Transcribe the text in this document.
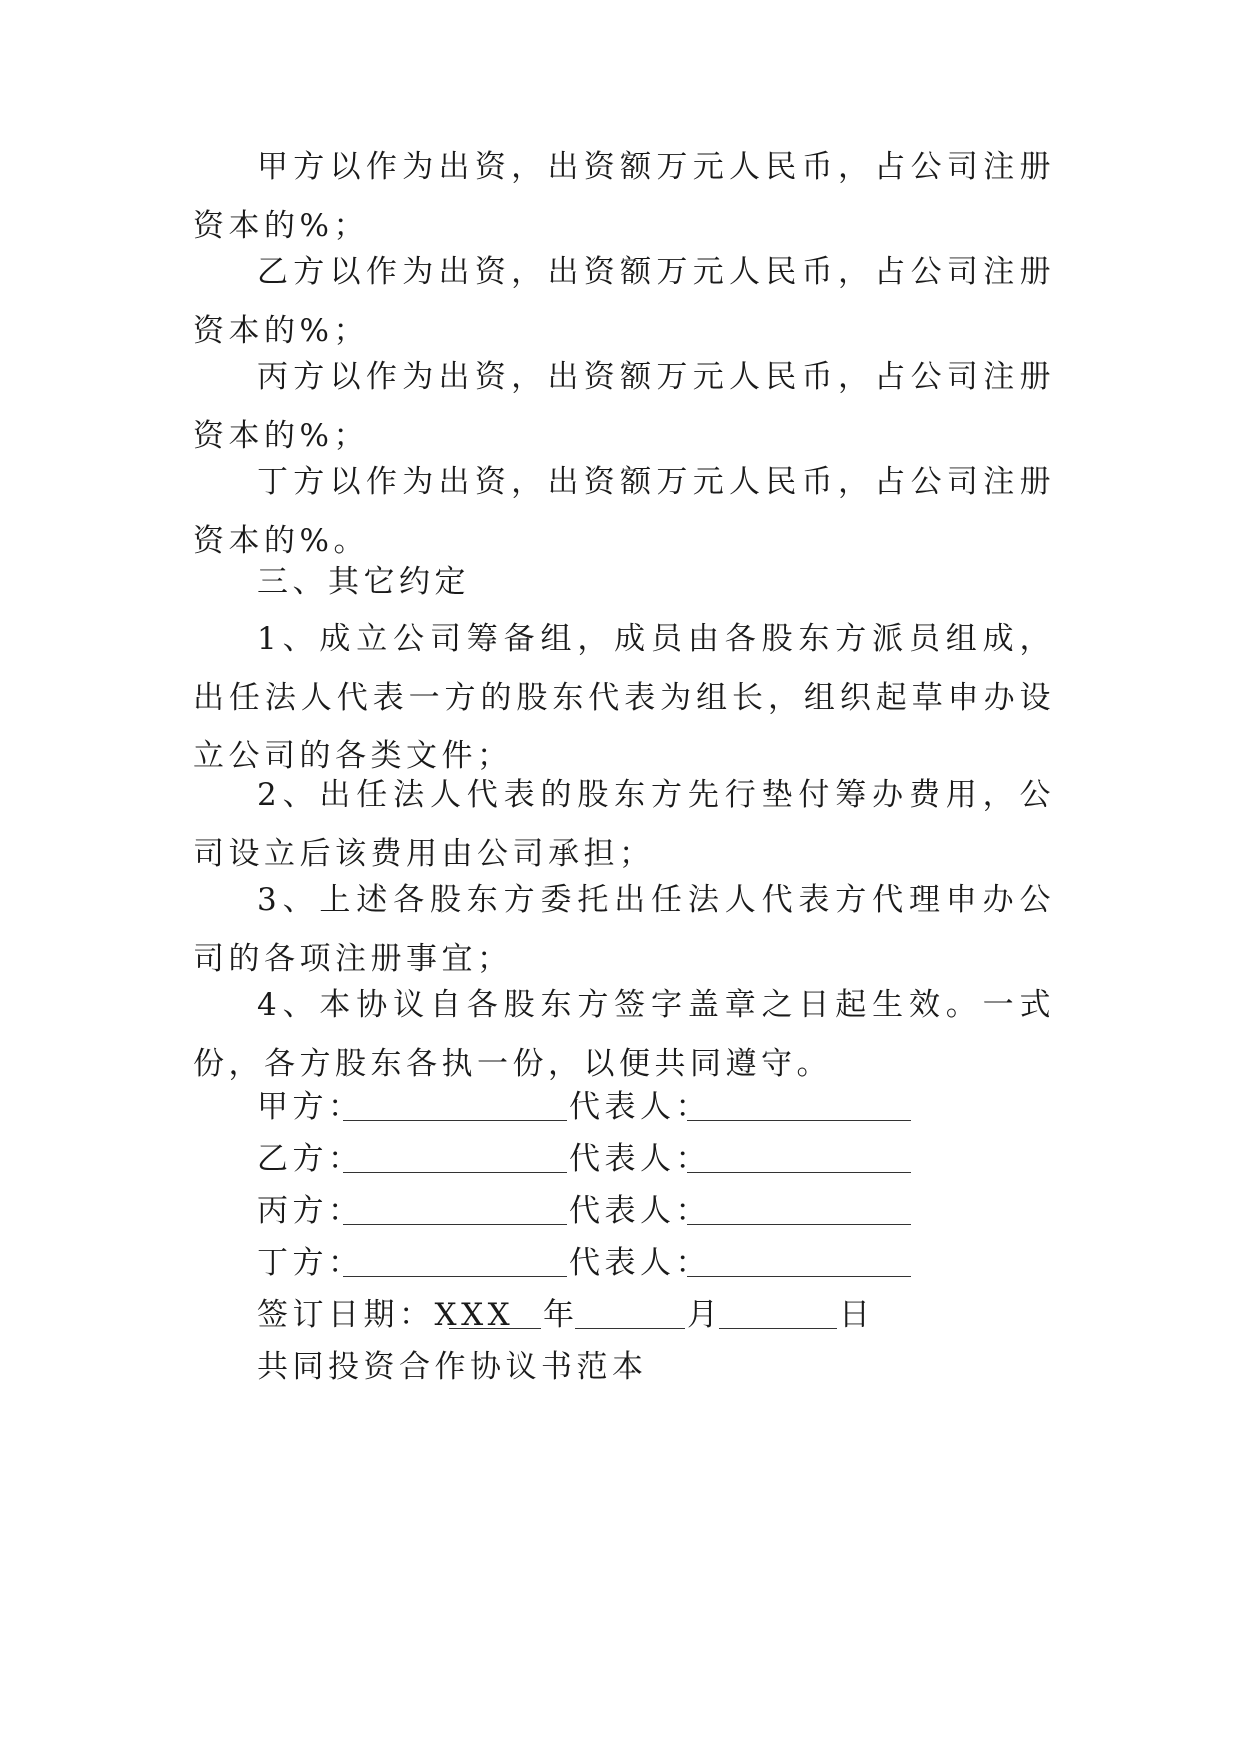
甲方以作为出资，出资额万元人民币，占公司注册资本的%；

乙方以作为出资，出资额万元人民币，占公司注册资本的%；

丙方以作为出资，出资额万元人民币，占公司注册资本的%；

丁方以作为出资，出资额万元人民币，占公司注册资本的%。

三、其它约定

1、成立公司筹备组，成员由各股东方派员组成，出任法人代表一方的股东代表为组长，组织起草申办设立公司的各类文件；

2、出任法人代表的股东方先行垫付筹办费用，公司设立后该费用由公司承担；

3、上述各股东方委托出任法人代表方代理申办公司的各项注册事宜；

4、本协议自各股东方签字盖章之日起生效。一式份，各方股东各执一份，以便共同遵守。

甲方：	代表人：
乙方：	代表人：
丙方：	代表人：
丁方：	代表人：
签订日期：XXX 年	月	日

共同投资合作协议书范本
